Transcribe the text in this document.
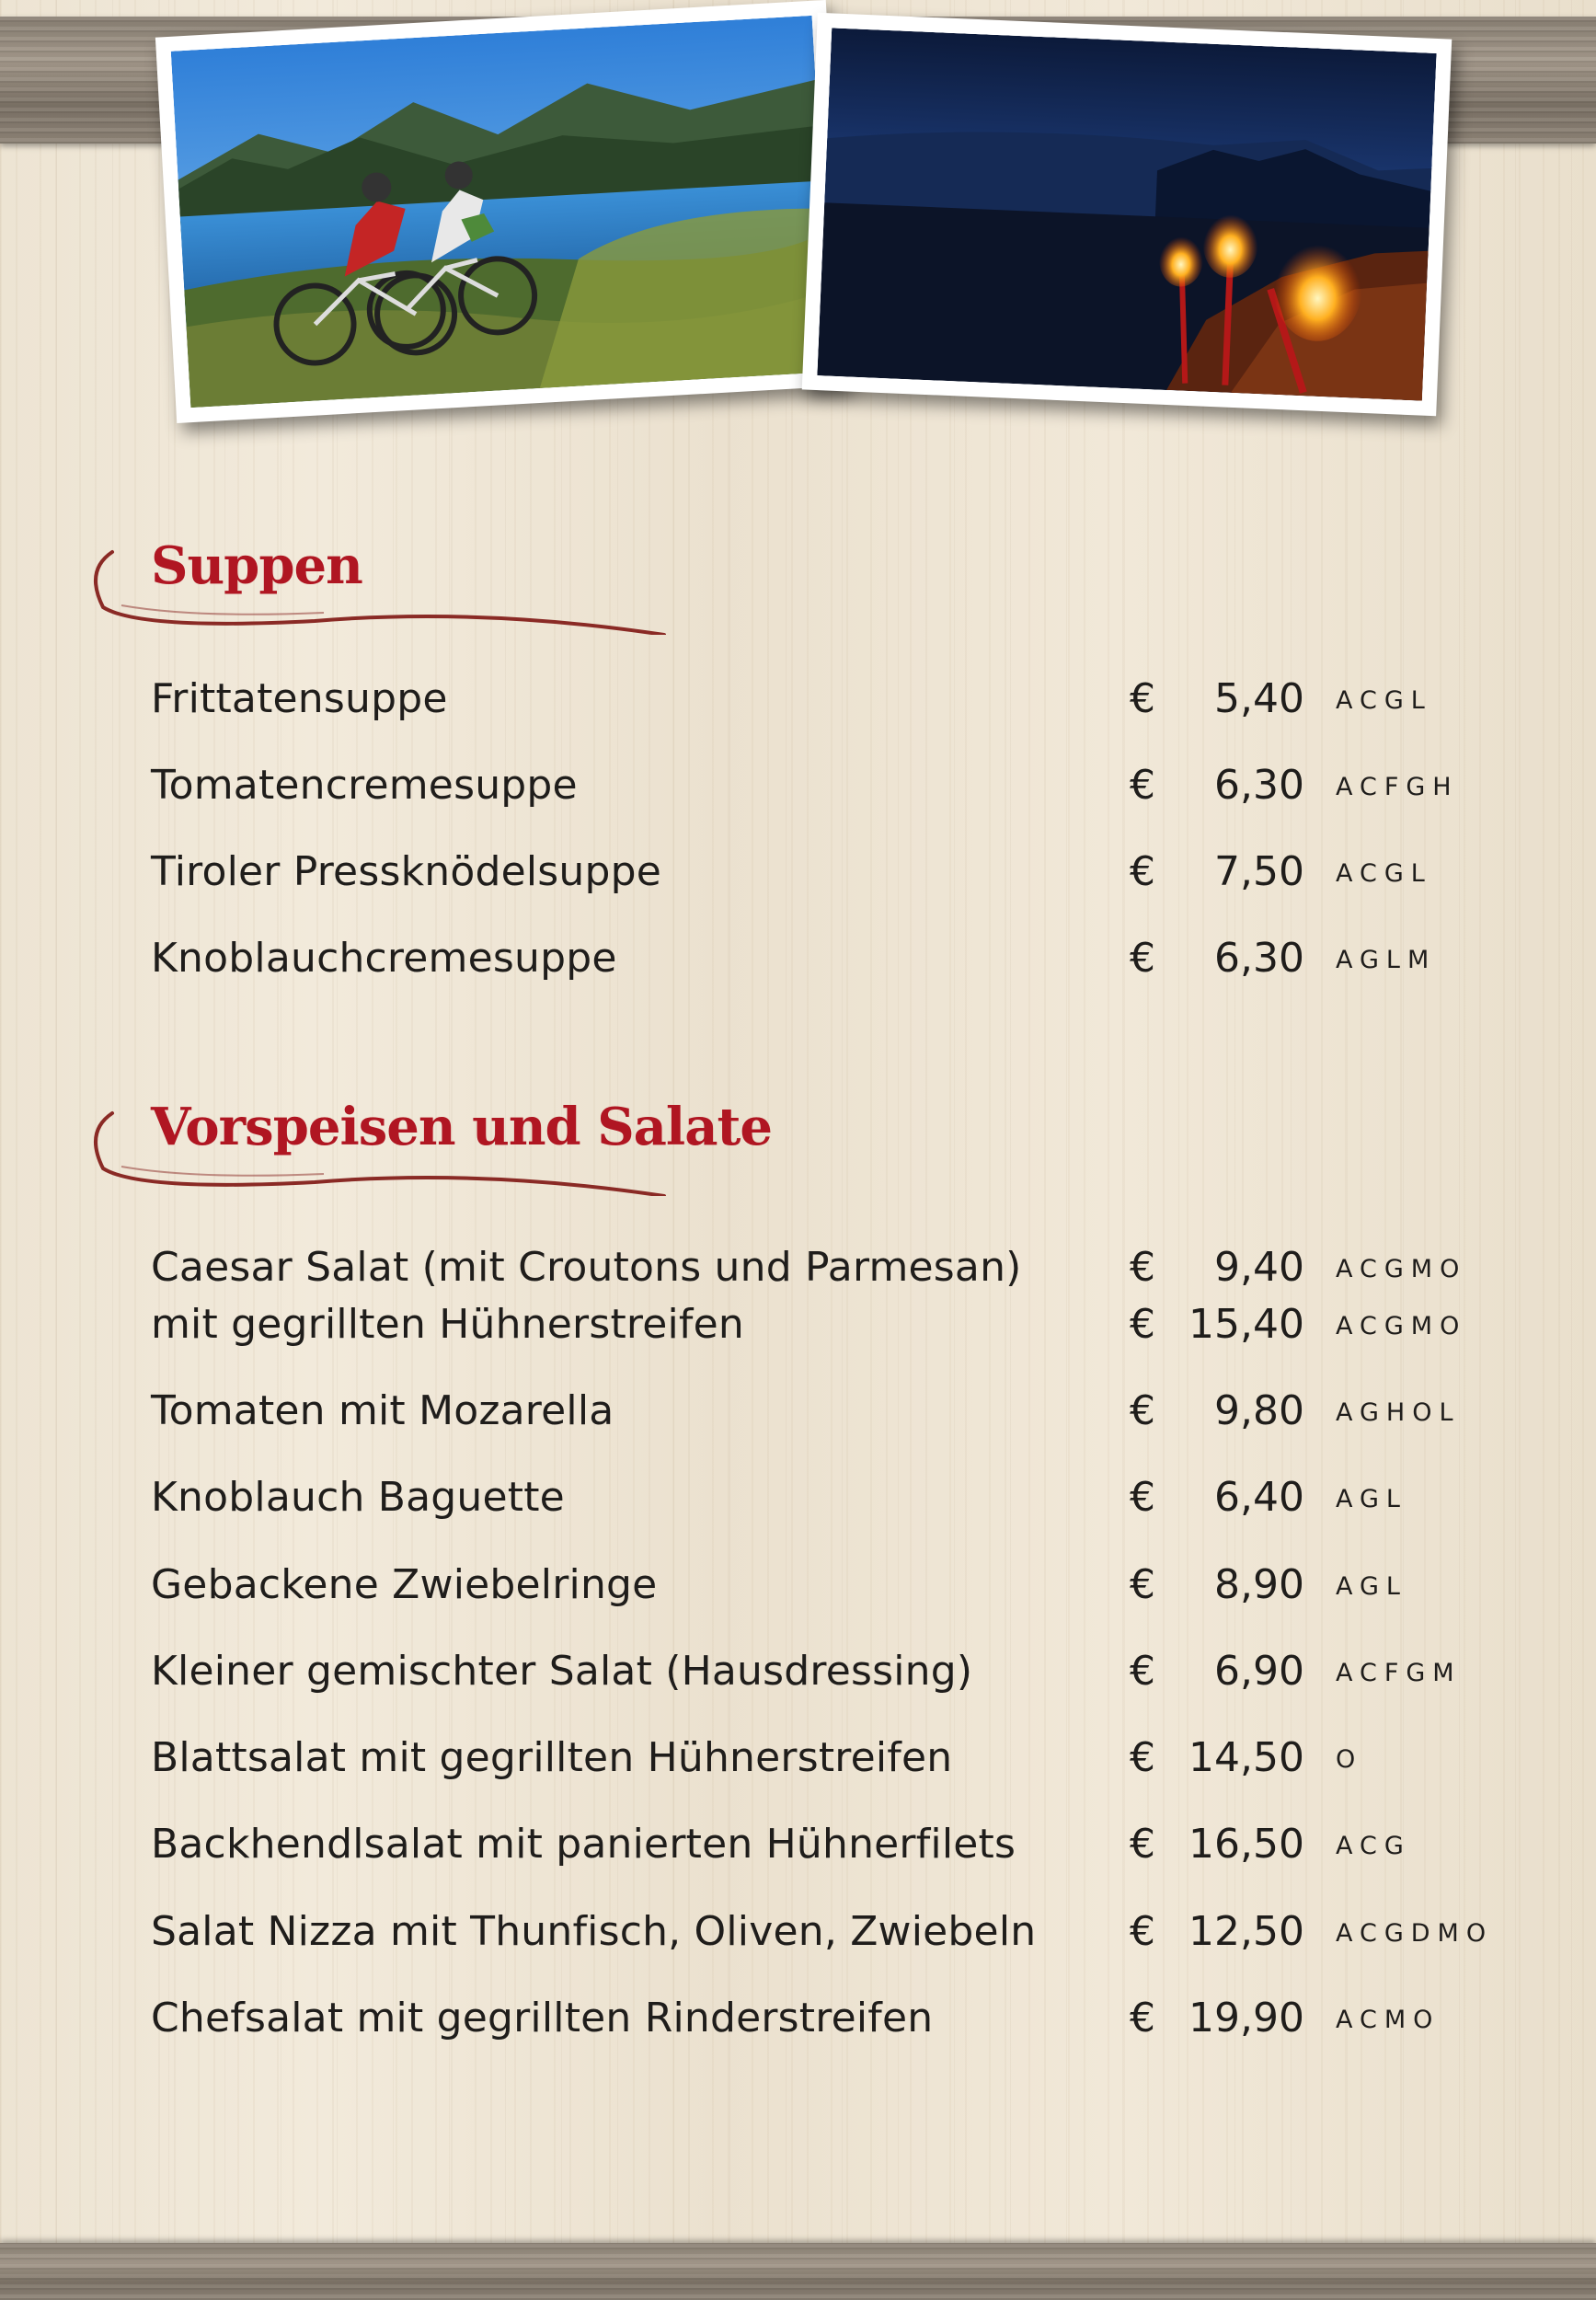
Suppen
Frittatensuppe	€	5,40 ACGL
Tomatencremesuppe	€	6,30 ACFGH
Tiroler Pressknödelsuppe	€	7,50 ACGL
Knoblauchcremesuppe	€	6,30 AGLM
Vorspeisen und Salate
Caesar Salat (mit Croutons und Parmesan)	€	9,40 ACGMO
mit gegrillten Hühnerstreifen	€ 15,40 ACGMO
Tomaten mit Mozarella	€	9,80 AGHOL
Knoblauch Baguette	€	6,40 AGL
Gebackene Zwiebelringe	€	8,90 AGL
Kleiner gemischter Salat (Hausdressing)	€	6,90 ACFGM
Blattsalat mit gegrillten Hühnerstreifen	€ 14,50 O
Backhendlsalat mit panierten Hühnerfilets	€ 16,50 ACG
Salat Nizza mit Thunfisch, Oliven, Zwiebeln € 12,50 ACGDMO
Chefsalat mit gegrillten Rinderstreifen	€ 19,90 ACMO
